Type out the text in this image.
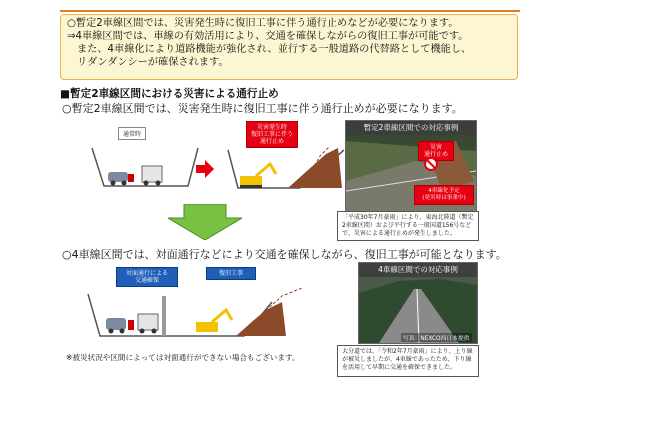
○暫定2車線区間では、災害発生時に復旧工事に伴う通行止めなどが必要になります。
⇒4車線区間では、車線の有効活用により、交通を確保しながらの復旧工事が可能です。
また、4車線化により道路機能が強化され、並行する一般道路の代替路として機能し、
リダンダンシーが確保されます。
■暫定2車線区間における災害による通行止め
○暫定2車線区間では、災害発生時に復旧工事に伴う通行止めが必要になります。
通常時
災害発生時
復旧工事に伴う
通行止め
暫定2車線区間での対応事例
災害
通行止め
4車線化予定
(発災時は事業中)
「平成30年7月豪雨」により、東海北陸道（暫定2車線区間）および平行する一般国道156号などで、災害による通行止めが発生しました。
○4車線区間では、対面通行などにより交通を確保しながら、復旧工事が可能となります。
対面通行による
交通確保
復旧工事	4車線区間での対応事例
写真：NEXCO西日本提供
大分道では、「令和2年7月豪雨」により、上り線が被災しましたが、4車線であったため、下り線を活用して早期に交通を確保できました。
※被災状況や区間によっては対面通行ができない場合もございます。
